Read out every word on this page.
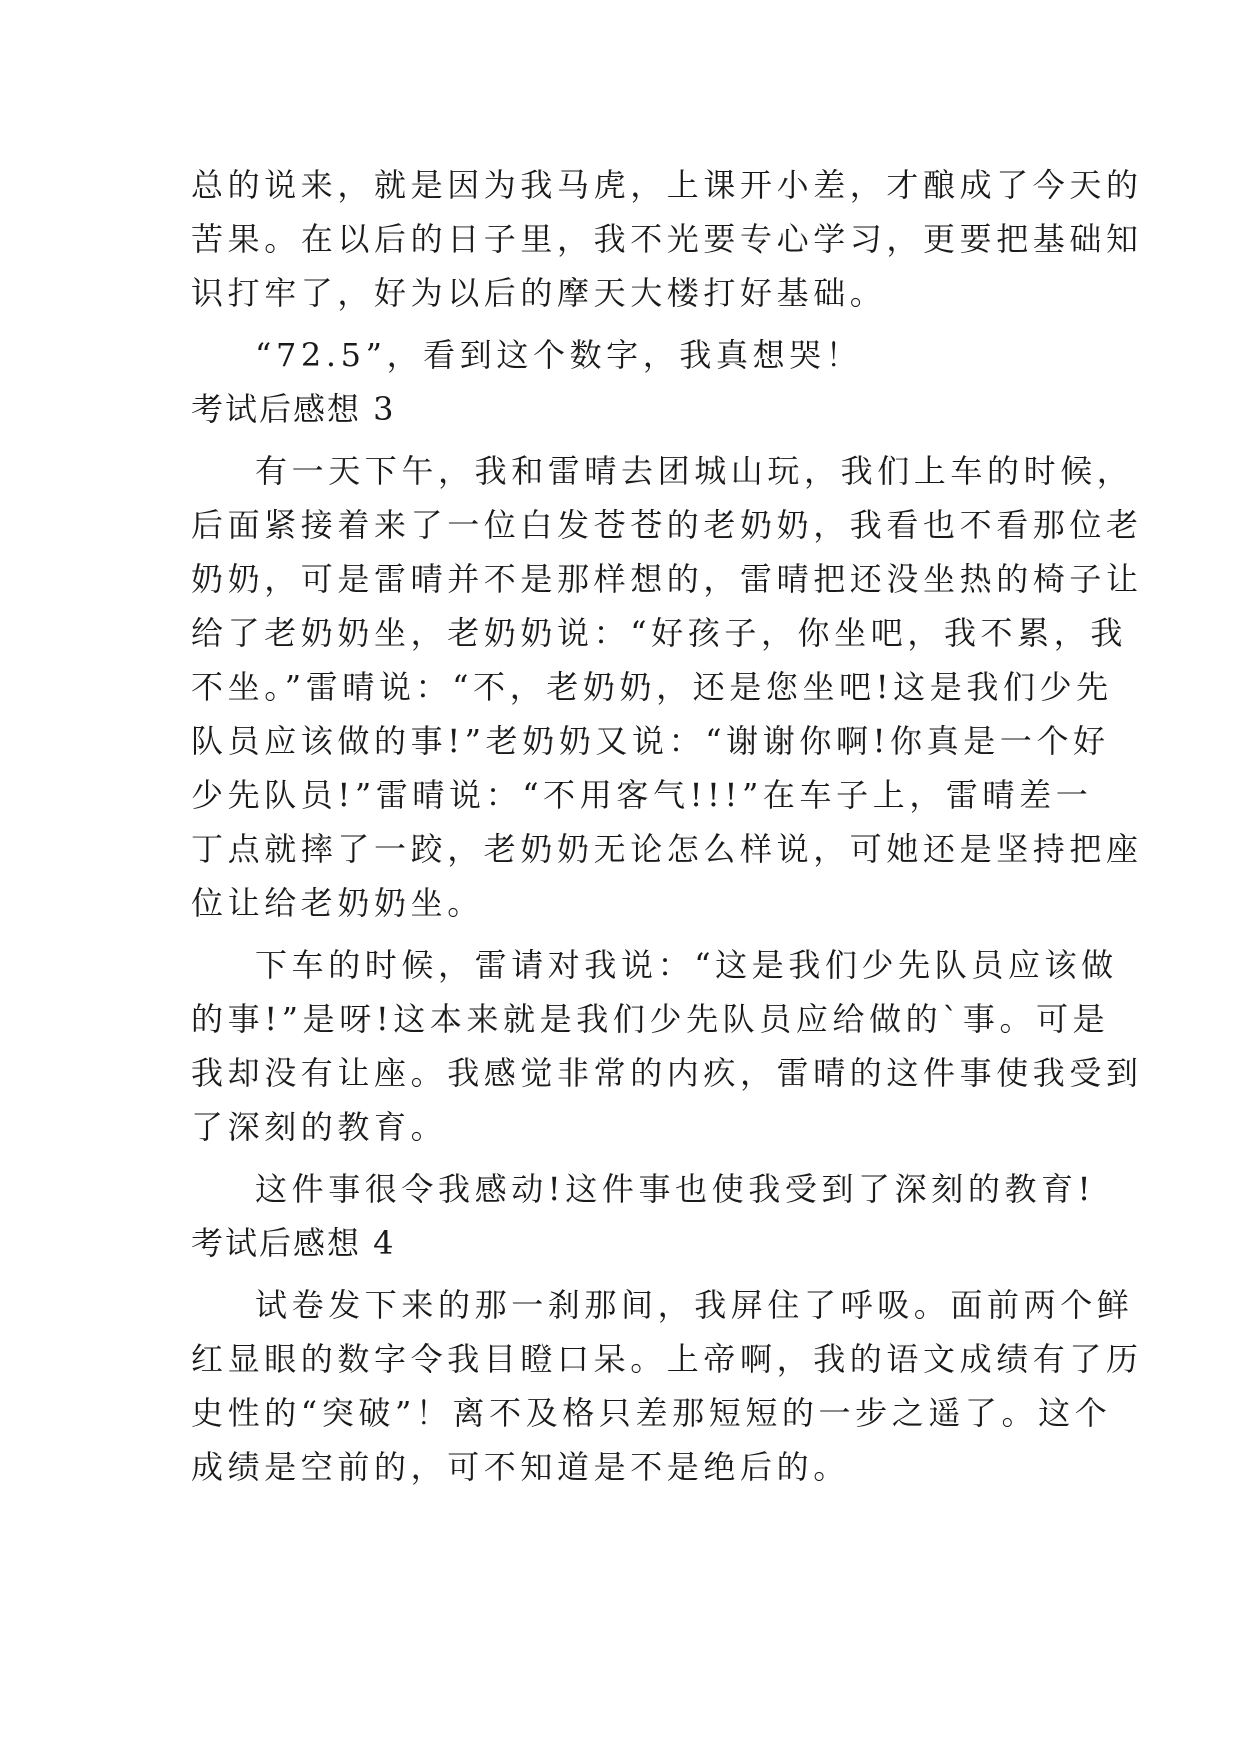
总的说来，就是因为我马虎，上课开小差，才酿成了今天的
苦果。在以后的日子里，我不光要专心学习，更要把基础知
识打牢了，好为以后的摩天大楼打好基础。
“72.5”，看到这个数字，我真想哭！
考试后感想 3
有一天下午，我和雷晴去团城山玩，我们上车的时候，
后面紧接着来了一位白发苍苍的老奶奶，我看也不看那位老
奶奶，可是雷晴并不是那样想的，雷晴把还没坐热的椅子让
给了老奶奶坐，老奶奶说：“好孩子，你坐吧，我不累，我
不坐。”雷晴说：“不，老奶奶，还是您坐吧!这是我们少先
队员应该做的事!”老奶奶又说：“谢谢你啊!你真是一个好
少先队员!”雷晴说：“不用客气!!!”在车子上，雷晴差一
丁点就摔了一跤，老奶奶无论怎么样说，可她还是坚持把座
位让给老奶奶坐。
下车的时候，雷请对我说：“这是我们少先队员应该做
的事!”是呀!这本来就是我们少先队员应给做的`事。可是
我却没有让座。我感觉非常的内疚，雷晴的这件事使我受到
了深刻的教育。
这件事很令我感动!这件事也使我受到了深刻的教育!
考试后感想 4
试卷发下来的那一刹那间，我屏住了呼吸。面前两个鲜
红显眼的数字令我目瞪口呆。上帝啊，我的语文成绩有了历
史性的“突破”！离不及格只差那短短的一步之遥了。这个
成绩是空前的，可不知道是不是绝后的。
